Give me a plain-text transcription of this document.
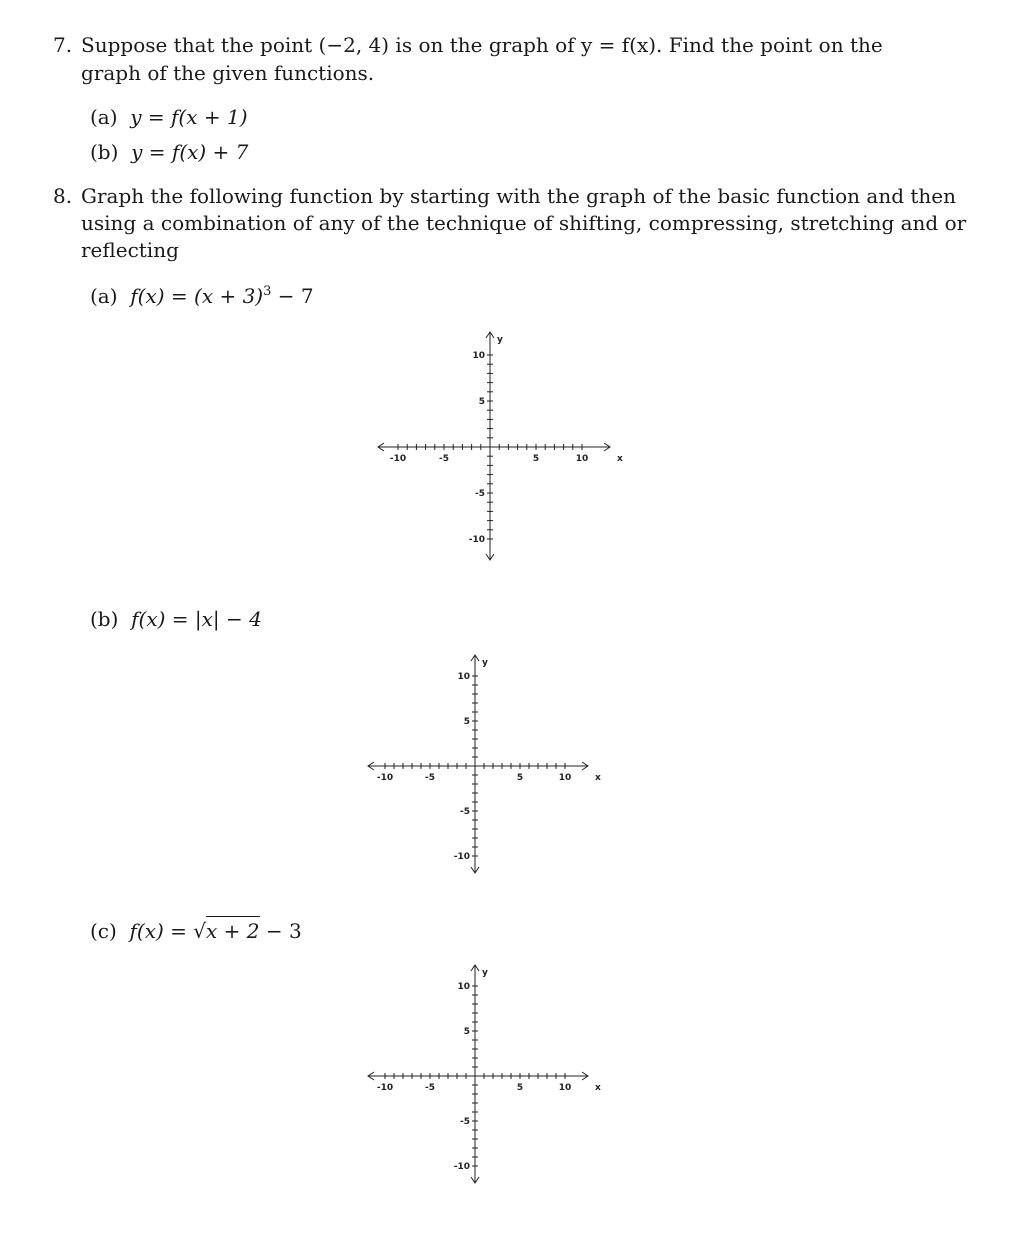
7. Suppose that the point (−2, 4) is on the graph of y = f(x). Find the point on the
graph of the given functions.
(a) y = f(x + 1)
(b) y = f(x) + 7
8. Graph the following function by starting with the graph of the basic function and then
using a combination of any of the technique of shifting, compressing, stretching and or
reflecting
(a) $f(x) = (x + 3)^3 - 7$
(b) f(x) = |x| − 4
(c) f(x) = √x + 2 − 3
-10	-5	5	10
10
5
-5
-10
x
y
-10	-5	5	10
10
5
-5
-10
x
y
-10	-5	5	10
10
5
-5
-10
x
y
